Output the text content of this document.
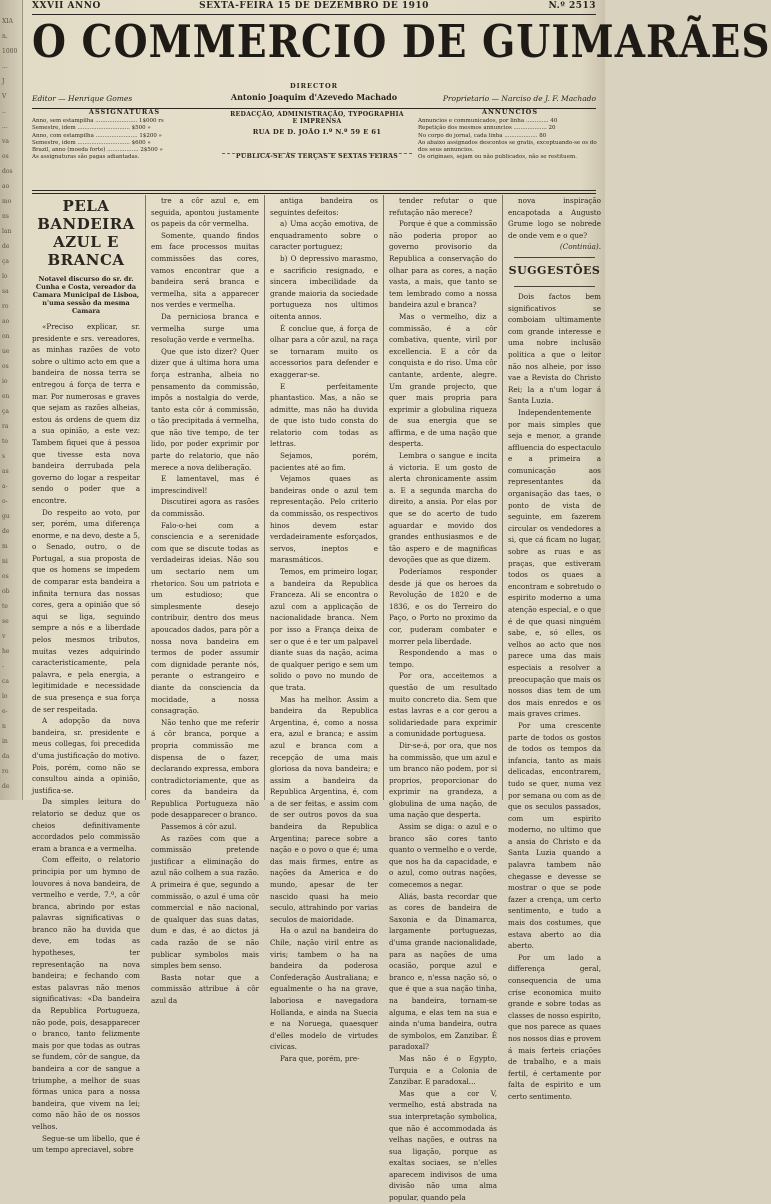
XIA
n.
1000
...
J
V
..
...
va
os
dos
ao
mo
ns
lan
de
ça
lo
sa
ro
ao
on
ue
os
io
en
ça
ra
to
s
as
a-
o-
gu
de
m
ni
os
ob
te
se
v
he
-
ca
lo
e-
n
in
da
ro
de
XXVII ANNO	SEXTA-FEIRA 15 DE DEZEMBRO DE 1910	N.º 2513
O COMMERCIO DE GUIMARÃES
DIRECTOR
Antonio Joaquim d'Azevedo Machado
Editor — Henrique Gomes	Proprietario — Narciso de J. F. Machado
ASSIGNATURAS
Anno, sem estampilha ........................ 1$000 rs
Semestre, idem .............................. $500 »
Anno, com estampilha ........................ 1$200 »
Semestre, idem .............................. $600 »
Brazil, anno (moeda forte) .................. 2$500 »
As assignaturas são pagas adiantadas.
REDACÇÃO, ADMINISTRAÇÃO, TYPOGRAPHIA
E IMPRENSA
RUA DE D. JOÃO I.º N.º 59 E 61
PUBLICA-SE ÁS TERÇAS E SEXTAS FEIRAS
ANNUNCIOS
Annuncios e communicados, por linha ............. 40
Repetição dos mesmos annuncios ................... 20
No corpo do jornal, cada linha ................... 80
Ao abaixo assignados descontos se gratis, exceptuando-se os do
dos seus annuncios.
Os originaes, sejam ou não publicados, não se restituem.

PELA BANDEIRA AZUL E BRANCA

Notavel discurso do sr. dr. Cunha e Costa, vereador da Camara Municipal de Lisboa, n'uma sessão da mesma Camara

«Preciso explicar, sr. presidente e srs. vereadores, as minhas razões de voto sobre o ultimo acto em que a bandeira de nossa terra se entregou á força de terra e mar. Por numerosas e graves que sejam as razões alheias, estou ás ordens de quem diz a sua opinião, a este vez: Tambem fiquei que á pessoa que tivesse esta nova bandeira derrubada pela governo do logar a respeitar sendo o poder que a encontre.

Do respeito ao voto, por ser, porém, uma diferença enorme, e na devo, deste a 5, o Senado, outro, o de Portugal, a sua proposta de que os homens se impedem de comparar esta bandeira a infinita ternura das nossas cores, gera a opinião que só aqui se liga, seguindo sempre a nós e a liberdade pelos mesmos tributos, muitas vezes adquirindo caracteristicamente, pela palavra, e pela energia, a legitimidade e necessidade de sua presença e sua força de ser respeitada.

A adopção da nova bandeira, sr. presidente e meus collegas, foi precedida d'uma justificação do motivo. Pois, porém, como não se consultou ainda a opinião, justifica-se.

Da simples leitura do relatorio se deduz que os cheios definitivamente accordados pelo commissão eram a branca e a vermelha.

Com effeito, o relatorio principia por um hymno de louvores á nova bandeira, de vermelho e verde, 7.º, a côr branca, abrindo por estas palavras significativas o branco não ha duvida que deve, em todas as hypotheses, ter representação na nova bandeira; e fechando com estas palavras não menos significativas: «Da bandeira da Republica Portugueza, não pode, pois, desapparecer o branco, tanto felizmente mais por que todas as outras se fundem, côr de sangue, da bandeira a cor de sangue a triumphe, a melhor de suas fórmas unica para a nossa bandeira, que vivem na lei; como não hão de os nossos velhos.

Segue-se um libello, que é um tempo apreciavel, sobre

tre a côr azul e, em seguida, apontou justamente os papeis da côr vermelha.

Somente, quando findos em face processos muitas commissões das cores, vamos encontrar que a bandeira será branca e vermelha, sita a apparecer nos verdes e vermelha.

Da perniciosa branca e vermelha surge uma resolução verde e vermelha.

Que que isto dizer? Quer dizer que á ultima hora uma força estranha, alheia no pensamento da commissão, impôs a nostalgia do verde, tanto esta côr á commissão, o tão precipitada á vermelha, que não tive tempo, de ter lido, por poder exprimir por parte do relatorio, que não merece a nova deliberação.

E lamentavel, mas é imprescindivel!

Discutirei agora as rasões da commissão.

Falo-o-hei com a consciencia e a serenidade com que se discute todas as verdadeiras ideias. Não sou um sectario nem um rhetorico. Sou um patriota e um estudioso; que simplesmente desejo contribuir, dentro dos meus apoucados dados, para pôr a nossa nova bandeira em termos de poder assumir com dignidade perante nós, perante o estrangeiro e diante da consciencia da mocidade, a nossa consagração.

Não tenho que me referir á côr branca, porque a propria commissão me dispensa de o fazer, declarando expressa, embora contradictoriamente, que as cores da bandeira da Republica Portugueza não pode desapparecer o branco.

Passemos á côr azul.

As razões com que a commissão pretende justificar a eliminação do azul não colhem a sua razão. A primeira é que, segundo a commissão, o azul é uma côr commercial e não nacional, de qualquer das suas datas, dum e das, é ao dictos já cada razão de se não publicar symbolos mais simples bem senso.

Basta notar que a commissão attribue á côr azul da

antiga bandeira os seguintes defeitos:

a) Uma acção emotiva, de enquadramento sobre o caracter portuguez;

b) O depressivo marasmo, e sacrificio resignado, e sincera imbecilidade da grande maioria da sociedade portugueza nos ultimos oitenta annos.

É conclue que, á força de olhar para a côr azul, na raça se tornaram muito os accessorios para defender e exaggerar-se.

E perfeitamente phantastico. Mas, a não se admitte, mas não ha duvida de que isto tudo consta do relatorio com todas as lettras.

Sejamos, porém, pacientes até ao fim.

Vejamos quaes as bandeiras onde o azul tem representação. Pelo criterio da commissão, os respectivos hinos devem estar verdadeiramente esforçados, servos, ineptos e marasmáticos.

Temos, em primeiro logar, a bandeira da Republica Franceza. Ali se encontra o azul com a applicação de nacionalidade branca. Nem por isso a França deixa de ser o que é e ter um palpavel diante suas da nação, acima de qualquer perigo e sem um solido o povo no mundo de que trata.

Mas ha melhor. Assim a bandeira da Republica Argentina, é, como a nossa era, azul e branca; e assim azul e branca com a recepção de uma mais gloriosa da nova bandeira; e assim a bandeira da Republica Argentina, é, com a de ser feitas, e assim com de ser outros povos da sua bandeira da Republica Argentina; parece sobre a nação e o povo o que é; uma das mais firmes, entre as nações da America e do mundo, apesar de ter nascido quasi ha meio seculo, attrahindo por varias seculos de maioridade.

Ha o azul na bandeira do Chile, nação viril entre as viris; tambem o ha na bandeira da poderosa Confederação Australiana; e egualmente o ha na grave, laboriosa e navegadora Hollanda, e ainda na Suecia e na Noruega, quaesquer d'elles modelo de virtudes civicas.

Para que, porém, pre-

tender refutar o que refutação não merece?

Porque é que a commissão não poderia propor ao governo provisorio da Republica a conservação do olhar para as cores, a nação vasta, a mais, que tanto se tem lembrado como a nossa bandeira azul e branca?

Mas o vermelho, diz a commissão, é a côr combativa, quente, viril por excellencia. E a côr da conquista e do riso. Uma côr cantante, ardente, alegre. Um grande projecto, que quer mais propria para exprimir a globulina riqueza de sua energia que se affirma, e de uma nação que desperta.

Lembra o sangue e incita á victoria. E um gosto de alerta chronicamente assim a. E a segunda marcha do direito, a ansia. Por elas por que se do acerto de tudo aguardar e movido dos grandes enthusiasmos e de tão aspero e de magnificas devoções que as que dizem.

Poderíamos responder desde já que os heroes da Revolução de 1820 e de 1836, e os do Terreiro do Paço, o Porto no proximo da cor, puderam combater e morrer pela liberdade.

Respondendo a mas o tempo.

Por ora, acceitemos a questão de um resultado muito concreto dia. Sem que estas lavras e a cor gerou a solidariedade para exprimir a comunidade portuguesa.

Dir-se-á, por ora, que nos ha commissão, que um azul e um branco não podem, por si proprios, proporcionar do exprimir na grandeza, a globulina de uma nação, de uma nação que desperta.

Assim se diga: o azul e o branco são cores tanto quanto o vermelho e o verde, que nos ha da capacidade, e o azul, como outras nações, comecemos a negar.

Aliás, basta recordar que as cores de bandeira de Saxonia e da Dinamarca, largamente portuguezas, d'uma grande nacionalidade, para as nações de uma ocasião, porque azul e branco e, n'essa nação só, o que é que a sua nação tinha, na bandeira, tornam-se alguma, e elas tem na sua e ainda n'uma bandeira, outra de symbolos, em Zanzibar. É paradoxal?

Mas não é o Egypto, Turquia e a Colonia de Zanzibar. E paradoxal...

Mas que a cor V, vermelho, está abstrada na sua interpretação symbolica, que não é accommodada ás velhas nações, e outras na sua ligação, porque as exaltas sociaes, se n'elles aparecem indivisos de uma divisão não uma alma popular, quando pela

nova inspiração encapotada a Augusto Grume logo se nobrede de onde vem e o que?

(Continúa).

SUGGESTÕES

Dois factos bem significativos se comboiam ultimamente com grande interesse e uma nobre inclusão politica a que o leitor não nos alheie, por isso vae a Revista do Christo Rei; la a n'um logar á Santa Luzia.

Independentemente por mais simples que seja e menor, a grande affluencia do espectaculo e a primeira a comunicação aos representantes da organisação das taes, o ponto de vista de seguinte, em fazerem circular os vendedores a si, que cá ficam no lugar, sobre as ruas e as praças, que estiveram todos os quaes a encontram e sobretudo o espirito moderno a uma atenção especial, e o que é de que quasi ninguém sabe, e, só elles, os velhos ao acto que nos parece uma das mais especiais a resolver a preocupação que mais os nossos dias tem de um dos mais enredos e os mais graves crimes.

Por uma crescente parte de todos os gostos de todos os tempos da infancia, tanto as mais delicadas, encontrarem, tudo se quer, numa vez por semana ou com as de que os seculos passados, com um espirito moderno, no ultimo que a ansia do Christo e da Santa Luzia quando a palavra tambem não chegasse e devesse se mostrar o que se pode fazer a crença, um certo sentimento, e tudo a mais dos costumes, que estava aberto ao dia aberto.

Por um lado a differença geral, consequencia de uma crise economica muito grande e sobre todas as classes de nosso espirito, que nos parece as quaes nos nossos dias e provem á mais ferteis criações de trabalho, e a mais fertil, é certamente por falta de espirito e um certo sentimento.
